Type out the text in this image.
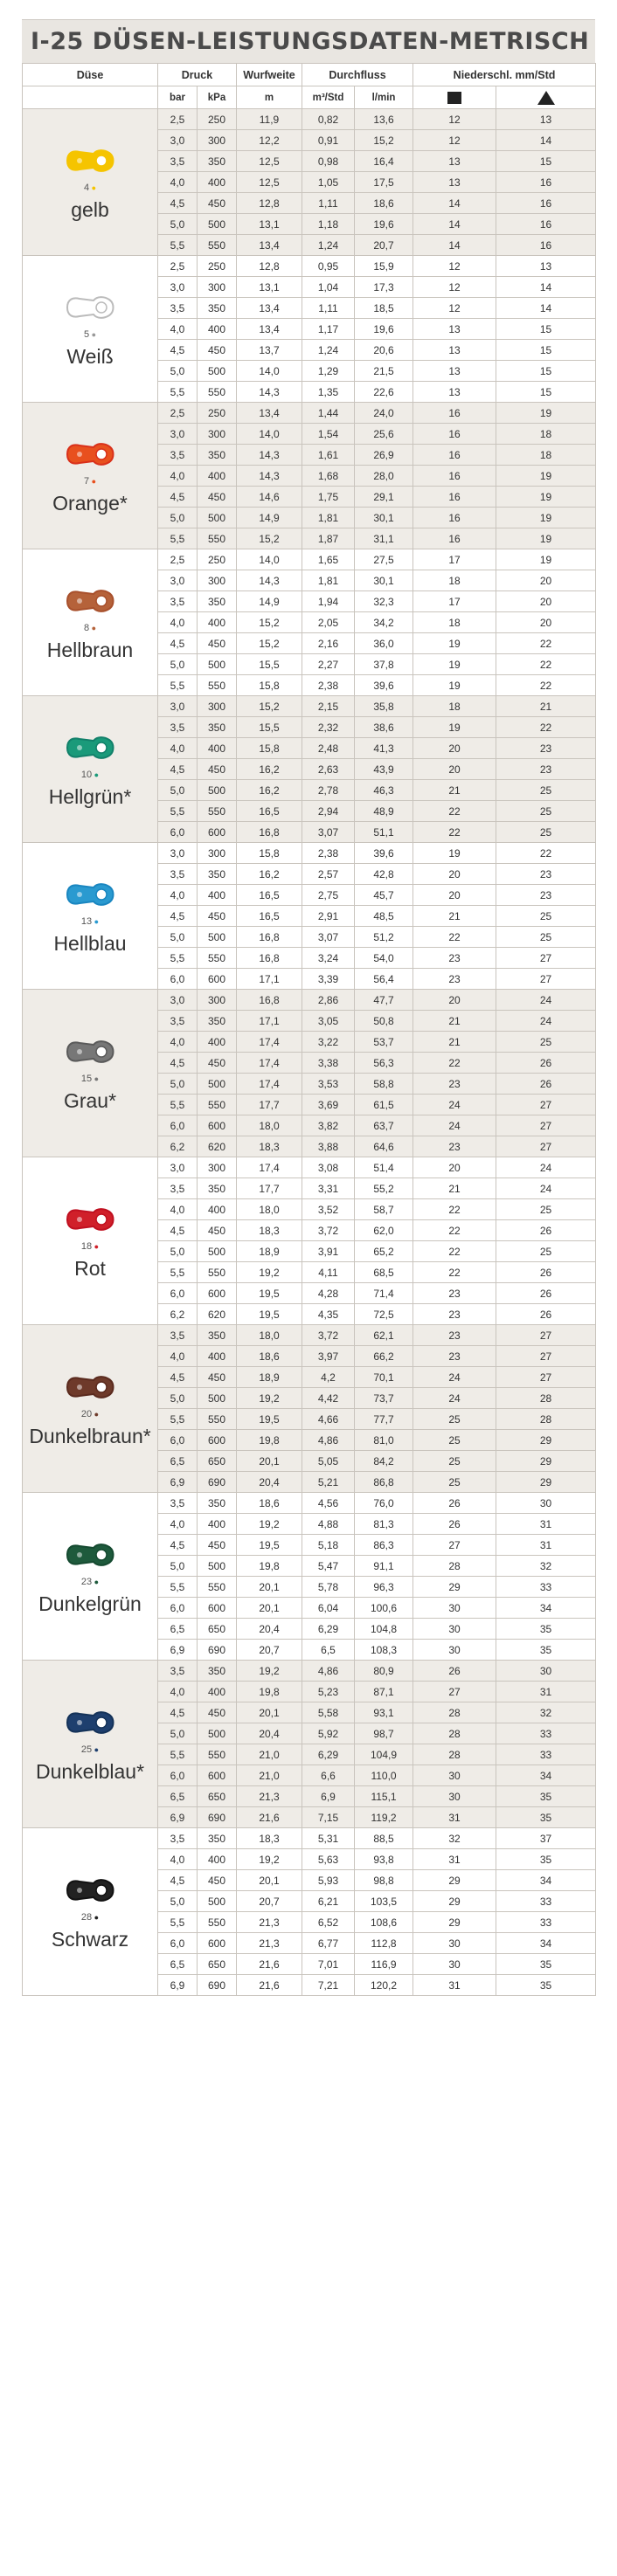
I-25 DÜSEN-LEISTUNGSDATEN-METRISCH
Düse	Druck		Wurfweite	Durchfluss		Niederschl. mm/Std	
	bar	kPa	m	m³/Std	l/min		

4 ●
gelb	2,5	250	11,9	0,82	13,6	12	13
	3,0	300	12,2	0,91	15,2	12	14
	3,5	350	12,5	0,98	16,4	13	15
	4,0	400	12,5	1,05	17,5	13	16
	4,5	450	12,8	1,11	18,6	14	16
	5,0	500	13,1	1,18	19,6	14	16
	5,5	550	13,4	1,24	20,7	14	16

5 ●
Weiß	2,5	250	12,8	0,95	15,9	12	13
	3,0	300	13,1	1,04	17,3	12	14
	3,5	350	13,4	1,11	18,5	12	14
	4,0	400	13,4	1,17	19,6	13	15
	4,5	450	13,7	1,24	20,6	13	15
	5,0	500	14,0	1,29	21,5	13	15
	5,5	550	14,3	1,35	22,6	13	15

7 ●
Orange*	2,5	250	13,4	1,44	24,0	16	19
	3,0	300	14,0	1,54	25,6	16	18
	3,5	350	14,3	1,61	26,9	16	18
	4,0	400	14,3	1,68	28,0	16	19
	4,5	450	14,6	1,75	29,1	16	19
	5,0	500	14,9	1,81	30,1	16	19
	5,5	550	15,2	1,87	31,1	16	19

8 ●
Hellbraun	2,5	250	14,0	1,65	27,5	17	19
	3,0	300	14,3	1,81	30,1	18	20
	3,5	350	14,9	1,94	32,3	17	20
	4,0	400	15,2	2,05	34,2	18	20
	4,5	450	15,2	2,16	36,0	19	22
	5,0	500	15,5	2,27	37,8	19	22
	5,5	550	15,8	2,38	39,6	19	22

10 ●
Hellgrün*	3,0	300	15,2	2,15	35,8	18	21
	3,5	350	15,5	2,32	38,6	19	22
	4,0	400	15,8	2,48	41,3	20	23
	4,5	450	16,2	2,63	43,9	20	23
	5,0	500	16,2	2,78	46,3	21	25
	5,5	550	16,5	2,94	48,9	22	25
	6,0	600	16,8	3,07	51,1	22	25

13 ●
Hellblau	3,0	300	15,8	2,38	39,6	19	22
	3,5	350	16,2	2,57	42,8	20	23
	4,0	400	16,5	2,75	45,7	20	23
	4,5	450	16,5	2,91	48,5	21	25
	5,0	500	16,8	3,07	51,2	22	25
	5,5	550	16,8	3,24	54,0	23	27
	6,0	600	17,1	3,39	56,4	23	27

15 ●
Grau*	3,0	300	16,8	2,86	47,7	20	24
	3,5	350	17,1	3,05	50,8	21	24
	4,0	400	17,4	3,22	53,7	21	25
	4,5	450	17,4	3,38	56,3	22	26
	5,0	500	17,4	3,53	58,8	23	26
	5,5	550	17,7	3,69	61,5	24	27
	6,0	600	18,0	3,82	63,7	24	27
	6,2	620	18,3	3,88	64,6	23	27

18 ●
Rot	3,0	300	17,4	3,08	51,4	20	24
	3,5	350	17,7	3,31	55,2	21	24
	4,0	400	18,0	3,52	58,7	22	25
	4,5	450	18,3	3,72	62,0	22	26
	5,0	500	18,9	3,91	65,2	22	25
	5,5	550	19,2	4,11	68,5	22	26
	6,0	600	19,5	4,28	71,4	23	26
	6,2	620	19,5	4,35	72,5	23	26

20 ●
Dunkelbraun*	3,5	350	18,0	3,72	62,1	23	27
	4,0	400	18,6	3,97	66,2	23	27
	4,5	450	18,9	4,2	70,1	24	27
	5,0	500	19,2	4,42	73,7	24	28
	5,5	550	19,5	4,66	77,7	25	28
	6,0	600	19,8	4,86	81,0	25	29
	6,5	650	20,1	5,05	84,2	25	29
	6,9	690	20,4	5,21	86,8	25	29

23 ●
Dunkelgrün	3,5	350	18,6	4,56	76,0	26	30
	4,0	400	19,2	4,88	81,3	26	31
	4,5	450	19,5	5,18	86,3	27	31
	5,0	500	19,8	5,47	91,1	28	32
	5,5	550	20,1	5,78	96,3	29	33
	6,0	600	20,1	6,04	100,6	30	34
	6,5	650	20,4	6,29	104,8	30	35
	6,9	690	20,7	6,5	108,3	30	35

25 ●
Dunkelblau*	3,5	350	19,2	4,86	80,9	26	30
	4,0	400	19,8	5,23	87,1	27	31
	4,5	450	20,1	5,58	93,1	28	32
	5,0	500	20,4	5,92	98,7	28	33
	5,5	550	21,0	6,29	104,9	28	33
	6,0	600	21,0	6,6	110,0	30	34
	6,5	650	21,3	6,9	115,1	30	35
	6,9	690	21,6	7,15	119,2	31	35

28 ●
Schwarz	3,5	350	18,3	5,31	88,5	32	37
	4,0	400	19,2	5,63	93,8	31	35
	4,5	450	20,1	5,93	98,8	29	34
	5,0	500	20,7	6,21	103,5	29	33
	5,5	550	21,3	6,52	108,6	29	33
	6,0	600	21,3	6,77	112,8	30	34
	6,5	650	21,6	7,01	116,9	30	35
	6,9	690	21,6	7,21	120,2	31	35
